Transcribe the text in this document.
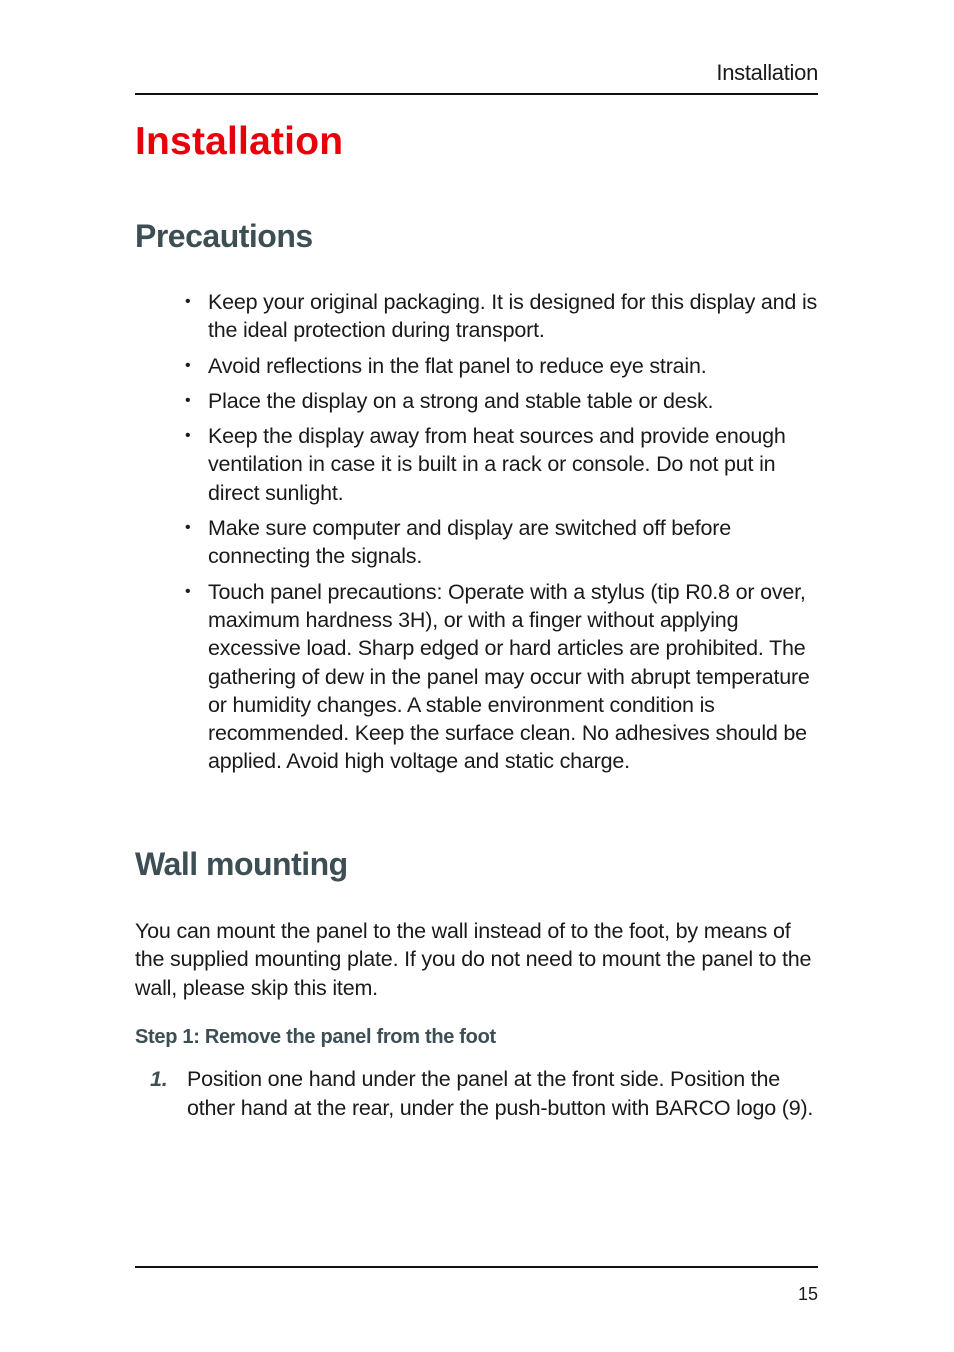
Installation
Installation
Precautions
• Keep your original packaging. It is designed for this display and is the ideal protection during transport.
• Avoid reflections in the flat panel to reduce eye strain.
• Place the display on a strong and stable table or desk.
• Keep the display away from heat sources and provide enough ventilation in case it is built in a rack or console. Do not put in direct sunlight.
• Make sure computer and display are switched off before connecting the signals.
• Touch panel precautions: Operate with a stylus (tip R0.8 or over, maximum hardness 3H), or with a finger without applying excessive load. Sharp edged or hard articles are prohibited. The gathering of dew in the panel may occur with abrupt temperature or humidity changes. A stable environment condition is recommended. Keep the surface clean. No adhesives should be applied. Avoid high voltage and static charge.
Wall mounting

You can mount the panel to the wall instead of to the foot, by means of the supplied mounting plate. If you do not need to mount the panel to the wall, please skip this item.

Step 1: Remove the panel from the foot
1. Position one hand under the panel at the front side. Position the other hand at the rear, under the push-button with BARCO logo (9).
15
